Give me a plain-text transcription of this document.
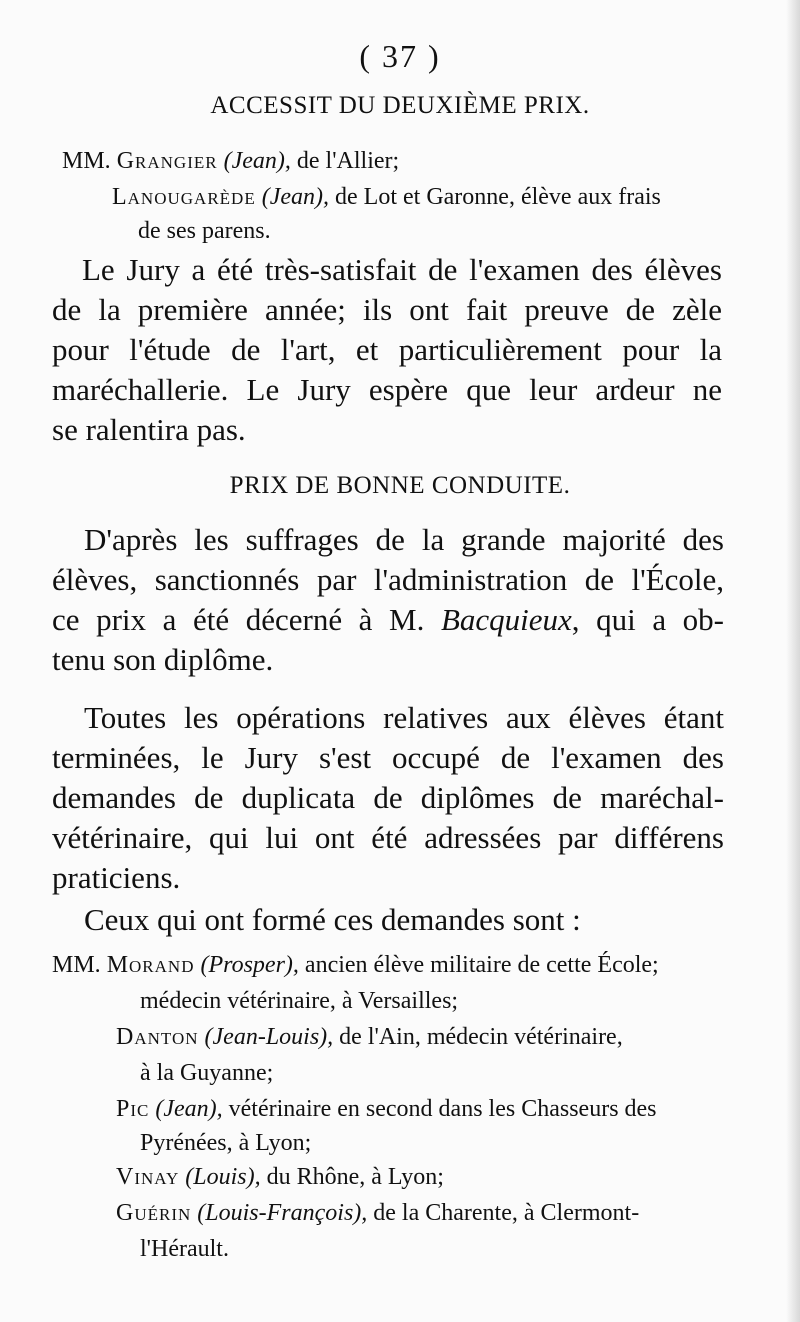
( 37 )
ACCESSIT DU DEUXIÈME PRIX.
MM. Grangier (Jean), de l'Allier;
Lanougarède (Jean), de Lot et Garonne, élève aux frais
de ses parens.
Le Jury a été très-satisfait de l'examen des élèves
de la première année; ils ont fait preuve de zèle
pour l'étude de l'art, et particulièrement pour la
maréchallerie. Le Jury espère que leur ardeur ne
se ralentira pas.
PRIX DE BONNE CONDUITE.
D'après les suffrages de la grande majorité des
élèves, sanctionnés par l'administration de l'École,
ce prix a été décerné à M. Bacquieux, qui a ob-
tenu son diplôme.
Toutes les opérations relatives aux élèves étant
terminées, le Jury s'est occupé de l'examen des
demandes de duplicata de diplômes de maréchal-
vétérinaire, qui lui ont été adressées par différens
praticiens.
Ceux qui ont formé ces demandes sont :
MM. Morand (Prosper), ancien élève militaire de cette École;
médecin vétérinaire, à Versailles;
Danton (Jean-Louis), de l'Ain, médecin vétérinaire,
à la Guyanne;
Pic (Jean), vétérinaire en second dans les Chasseurs des
Pyrénées, à Lyon;
Vinay (Louis), du Rhône, à Lyon;
Guérin (Louis-François), de la Charente, à Clermont-
l'Hérault.
